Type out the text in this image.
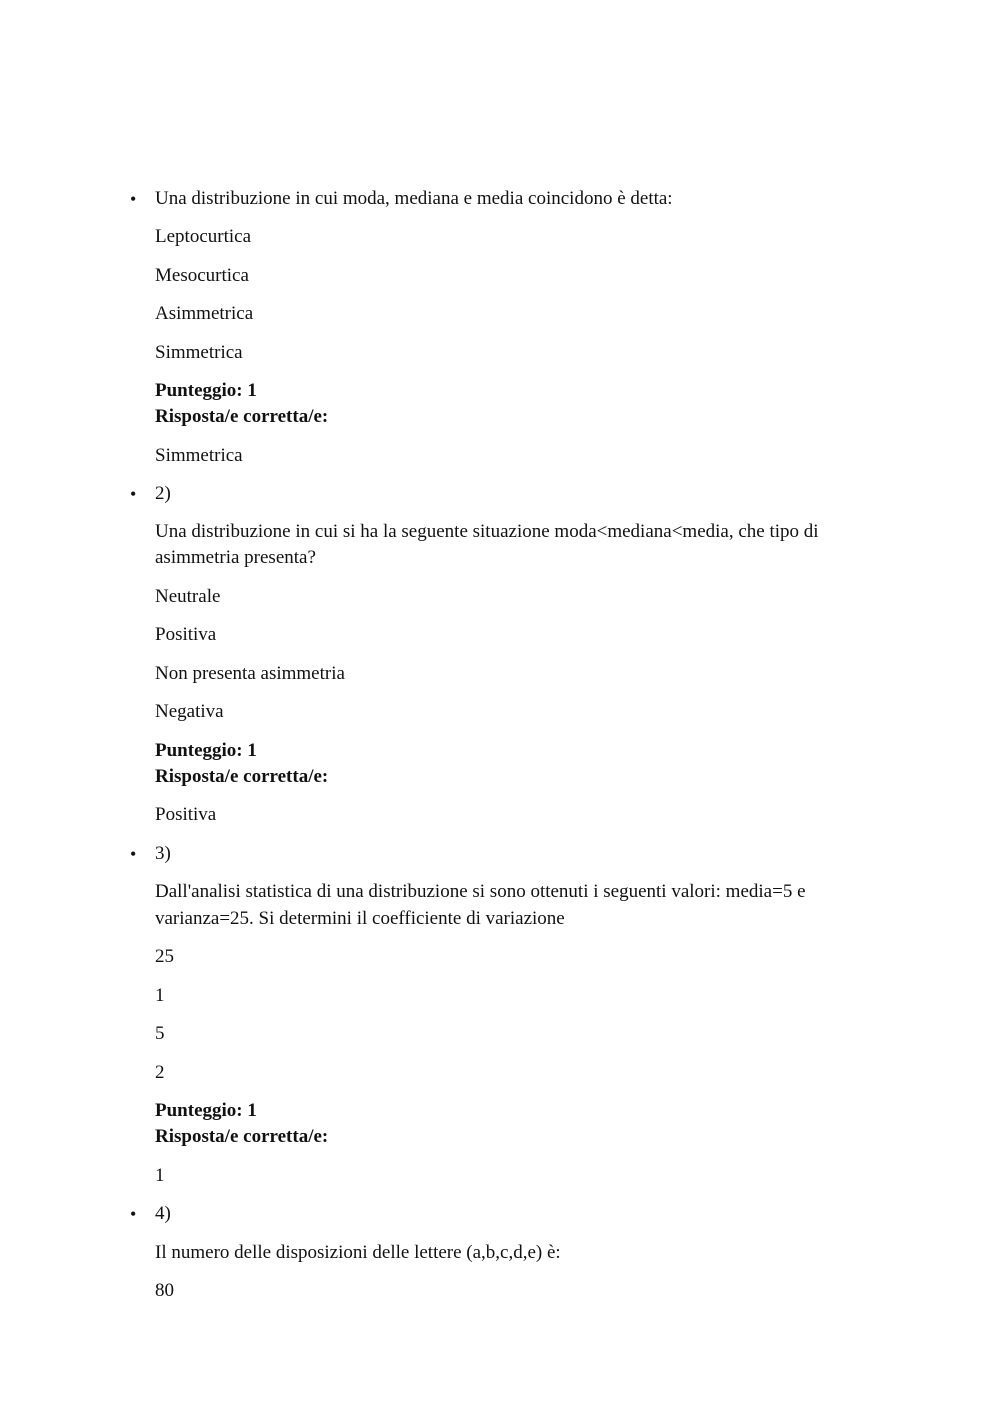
• Una distribuzione in cui moda, mediana e media coincidono è detta:
Leptocurtica
Mesocurtica
Asimmetrica
Simmetrica
Punteggio: 1
Risposta/e corretta/e:
Simmetrica
• 2)
Una distribuzione in cui si ha la seguente situazione moda<mediana<media, che tipo di
asimmetria presenta?
Neutrale
Positiva
Non presenta asimmetria
Negativa
Punteggio: 1
Risposta/e corretta/e:
Positiva
• 3)
Dall'analisi statistica di una distribuzione si sono ottenuti i seguenti valori: media=5 e
varianza=25. Si determini il coefficiente di variazione
25
1
5
2
Punteggio: 1
Risposta/e corretta/e:
1
• 4)
Il numero delle disposizioni delle lettere (a,b,c,d,e) è:
80
